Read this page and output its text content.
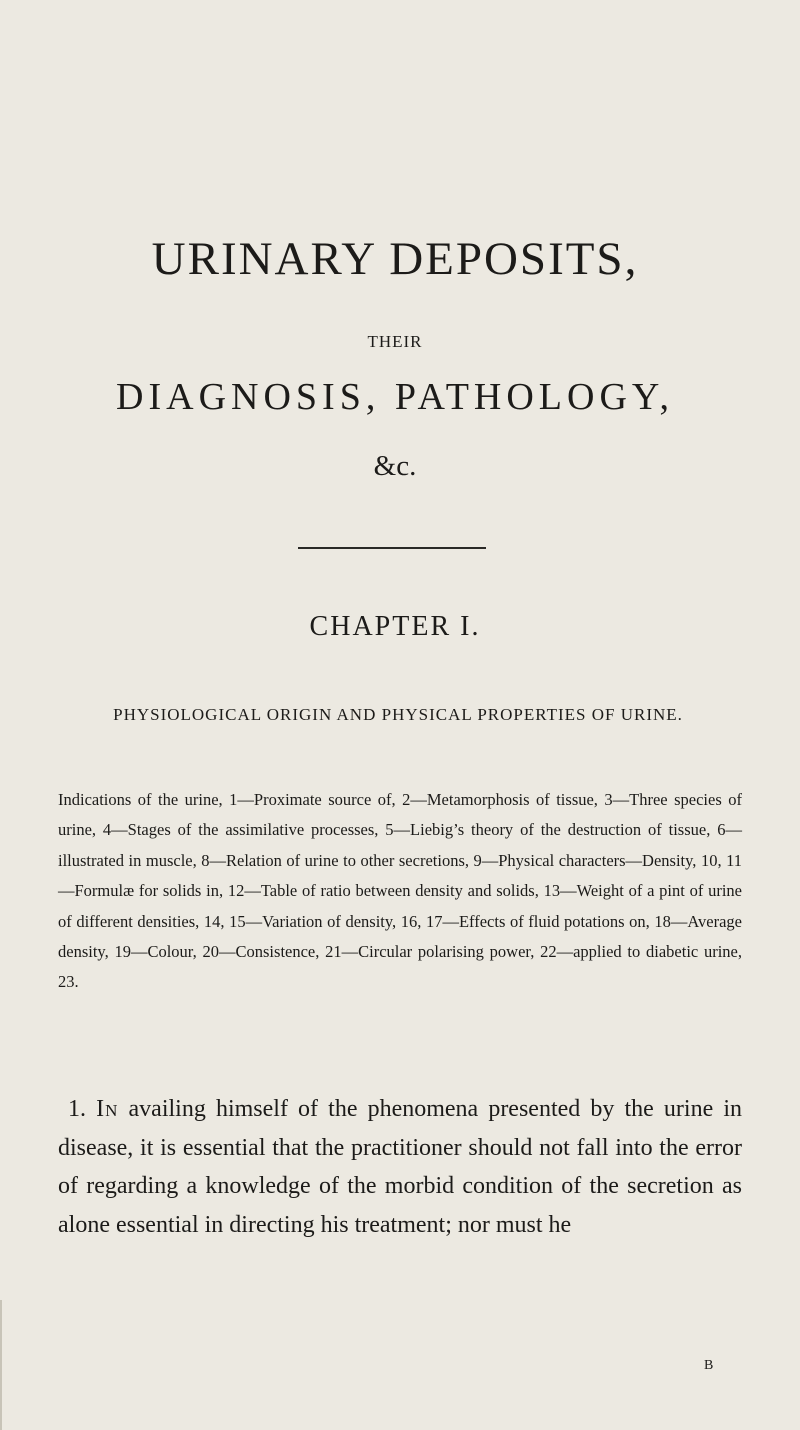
URINARY DEPOSITS,
THEIR
DIAGNOSIS, PATHOLOGY,
&c.
CHAPTER I.
PHYSIOLOGICAL ORIGIN AND PHYSICAL PROPERTIES OF URINE.

Indications of the urine, 1—Proximate source of, 2—Metamorphosis of tissue, 3—Three species of urine, 4—Stages of the assimilative processes, 5—Liebig’s theory of the destruction of tissue, 6—illustrated in muscle, 8—Relation of urine to other secretions, 9—Physical characters—Density, 10, 11—Formulæ for solids in, 12—Table of ratio between density and solids, 13—Weight of a pint of urine of different densities, 14, 15—Variation of density, 16, 17—Effects of fluid potations on, 18—Average density, 19—Colour, 20—Consistence, 21—Circular polarising power, 22—applied to diabetic urine, 23.

1. In availing himself of the phenomena presented by the urine in disease, it is essential that the practitioner should not fall into the error of regarding a knowledge of the morbid condition of the secretion as alone essential in directing his treatment; nor must he

B
